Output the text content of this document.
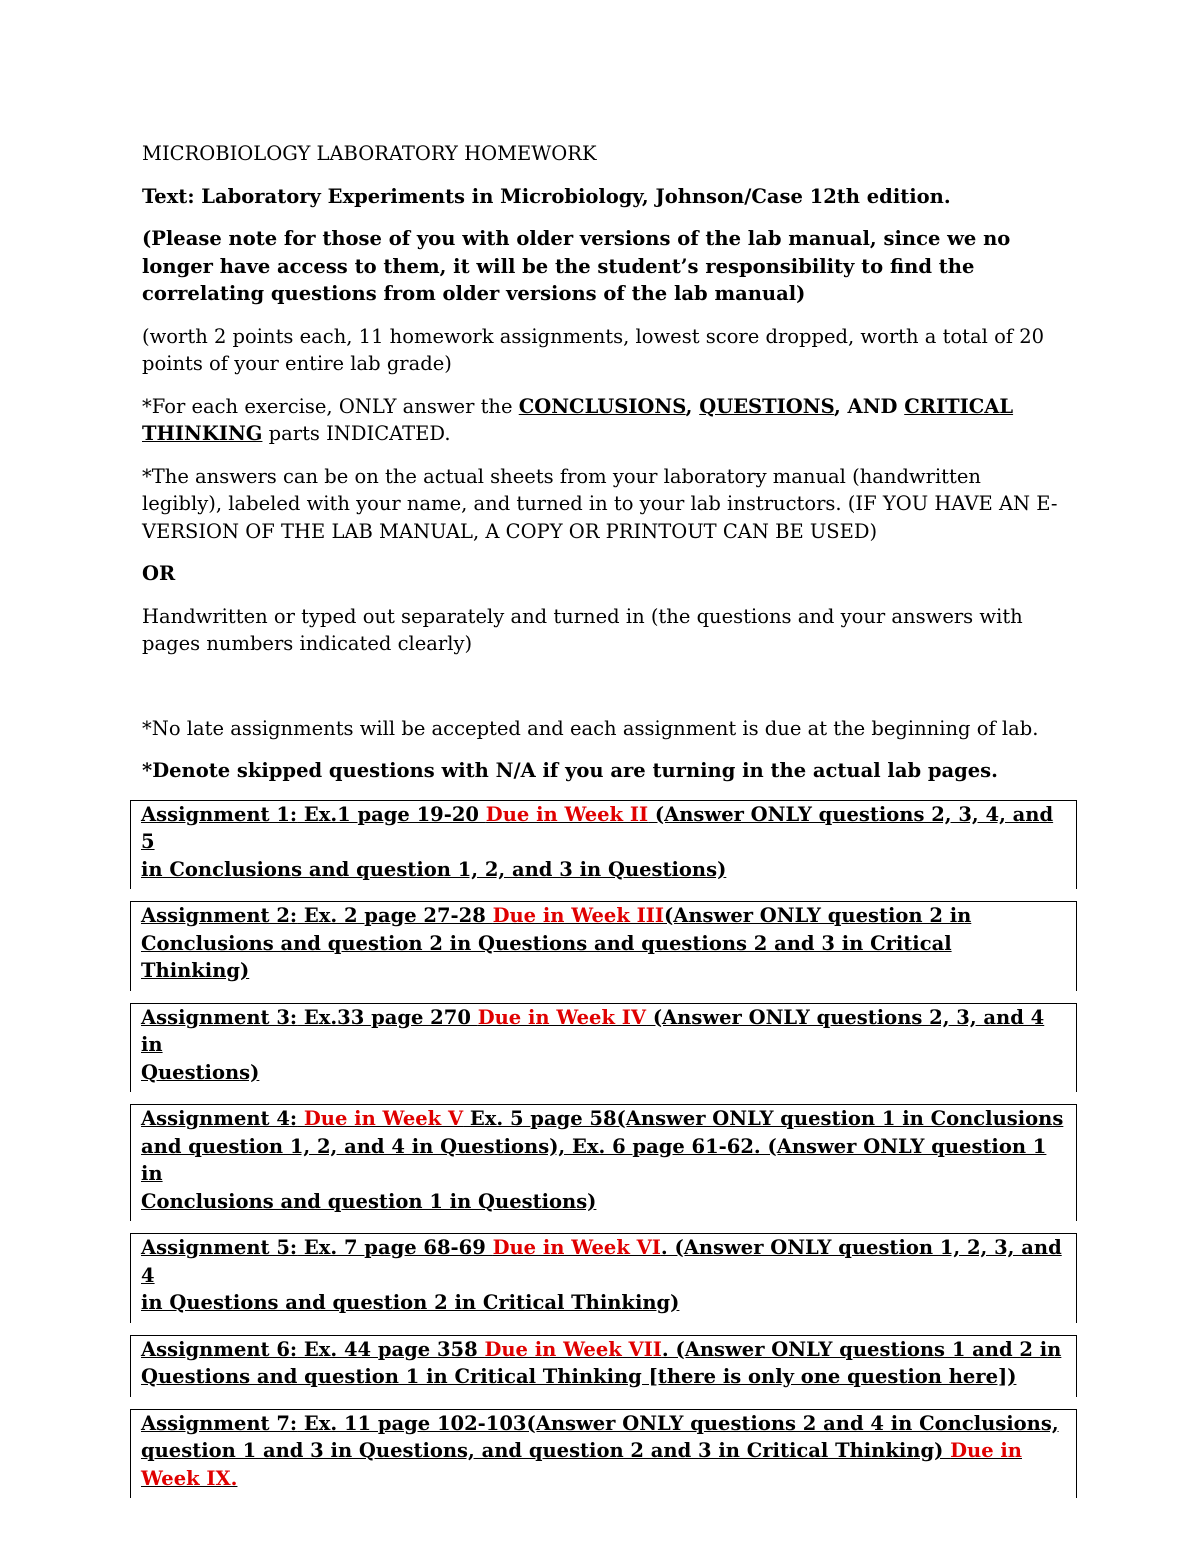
MICROBIOLOGY LABORATORY HOMEWORK

Text: Laboratory Experiments in Microbiology, Johnson/Case 12th edition.

(Please note for those of you with older versions of the lab manual, since we no
longer have access to them, it will be the student’s responsibility to find the
correlating questions from older versions of the lab manual)

(worth 2 points each, 11 homework assignments, lowest score dropped, worth a total of 20
points of your entire lab grade)

*For each exercise, ONLY answer the CONCLUSIONS, QUESTIONS, AND CRITICAL
THINKING parts INDICATED.

*The answers can be on the actual sheets from your laboratory manual (handwritten
legibly), labeled with your name, and turned in to your lab instructors. (IF YOU HAVE AN E-
VERSION OF THE LAB MANUAL, A COPY OR PRINTOUT CAN BE USED)

OR

Handwritten or typed out separately and turned in (the questions and your answers with
pages numbers indicated clearly)

*No late assignments will be accepted and each assignment is due at the beginning of lab.

*Denote skipped questions with N/A if you are turning in the actual lab pages.

Assignment 1: Ex.1 page 19-20 Due in Week II (Answer ONLY questions 2, 3, 4, and 5
in Conclusions and question 1, 2, and 3 in Questions)
Assignment 2: Ex. 2 page 27-28 Due in Week III(Answer ONLY question 2 in
Conclusions and question 2 in Questions and questions 2 and 3 in Critical Thinking)
Assignment 3: Ex.33 page 270 Due in Week IV (Answer ONLY questions 2, 3, and 4 in
Questions)
Assignment 4: Due in Week V Ex. 5 page 58(Answer ONLY question 1 in Conclusions
and question 1, 2, and 4 in Questions), Ex. 6 page 61-62. (Answer ONLY question 1 in
Conclusions and question 1 in Questions)
Assignment 5: Ex. 7 page 68-69 Due in Week VI. (Answer ONLY question 1, 2, 3, and 4
in Questions and question 2 in Critical Thinking)
Assignment 6: Ex. 44 page 358 Due in Week VII. (Answer ONLY questions 1 and 2 in
Questions and question 1 in Critical Thinking [there is only one question here])
Assignment 7: Ex. 11 page 102-103(Answer ONLY questions 2 and 4 in Conclusions,
question 1 and 3 in Questions, and question 2 and 3 in Critical Thinking) Due in
Week IX.
